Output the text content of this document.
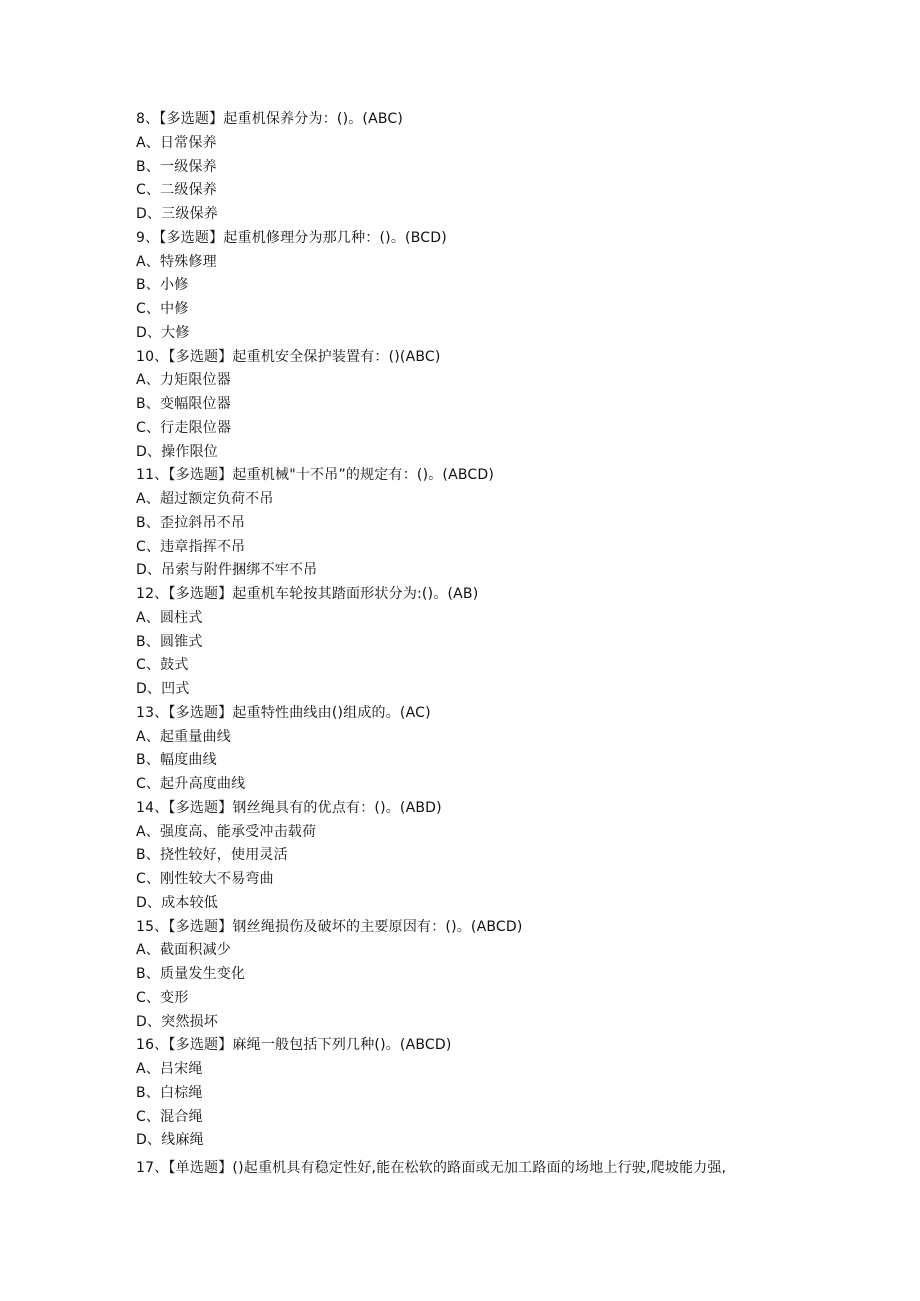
8、【多选题】起重机保养分为：()。(ABC)
A、日常保养
B、一级保养
C、二级保养
D、三级保养
9、【多选题】起重机修理分为那几种：()。(BCD)
A、特殊修理
B、小修
C、中修
D、大修
10、【多选题】起重机安全保护装置有：()(ABC)
A、力矩限位器
B、变幅限位器
C、行走限位器
D、操作限位
11、【多选题】起重机械"十不吊”的规定有：()。(ABCD)
A、超过额定负荷不吊
B、歪拉斜吊不吊
C、违章指挥不吊
D、吊索与附件捆绑不牢不吊
12、【多选题】起重机车轮按其踏面形状分为:()。(AB)
A、圆柱式
B、圆锥式
C、鼓式
D、凹式
13、【多选题】起重特性曲线由()组成的。(AC)
A、起重量曲线
B、幅度曲线
C、起升高度曲线
14、【多选题】钢丝绳具有的优点有：()。(ABD)
A、强度高、能承受冲击载荷
B、挠性较好，使用灵活
C、刚性较大不易弯曲
D、成本较低
15、【多选题】钢丝绳损伤及破坏的主要原因有：()。(ABCD)
A、截面积减少
B、质量发生变化
C、变形
D、突然损坏
16、【多选题】麻绳一般包括下列几种()。(ABCD)
A、吕宋绳
B、白棕绳
C、混合绳
D、线麻绳
17、【单选题】()起重机具有稳定性好,能在松软的路面或无加工路面的场地上行驶,爬坡能力强,
